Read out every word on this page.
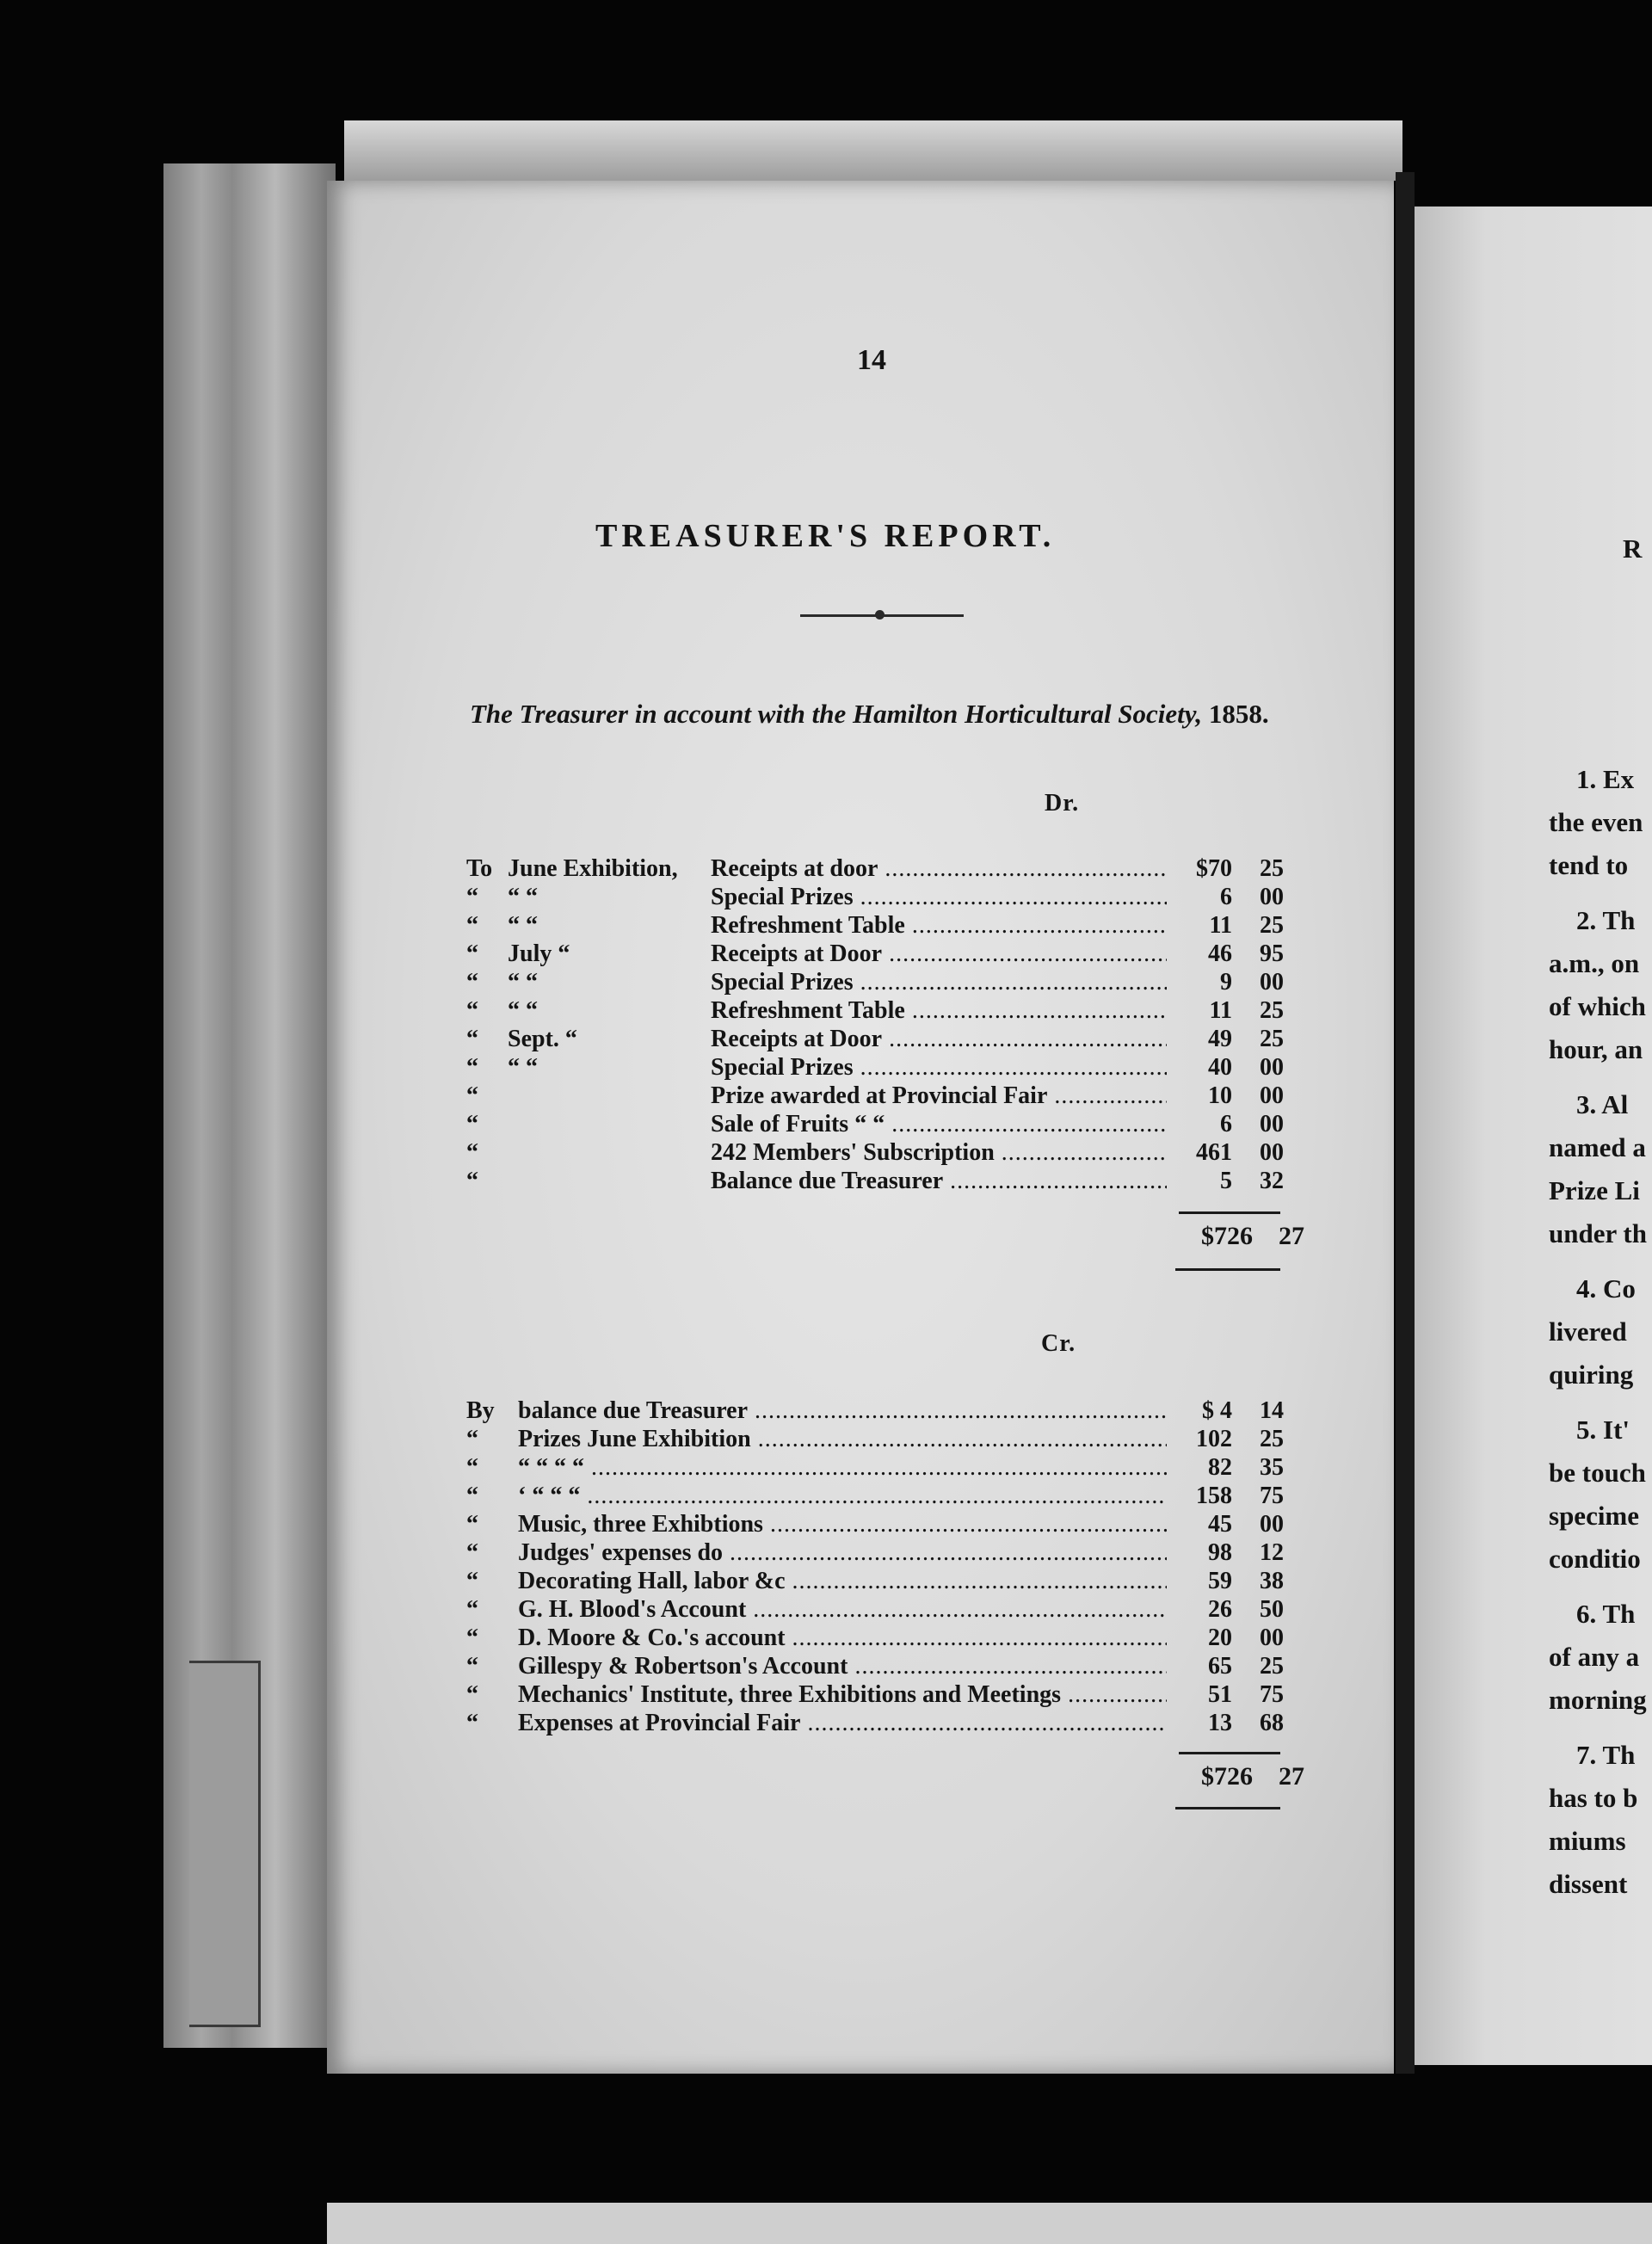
14
TREASURER'S REPORT.
The Treasurer in account with the Hamilton Horticultural Society, 1858.
Dr.
To June Exhibition,	Receipts at door .....	$70	25
“	“ “	Special Prizes .....	6	00
“	“ “	Refreshment Table .....	11	25
“	July “	Receipts at Door .....	46	95
“	“ “	Special Prizes .....	9	00
“	“ “	Refreshment Table .....	11	25
“	Sept. “	Receipts at Door .....	49	25
“	“ “	Special Prizes .....	40	00
“	Prize awarded at Provincial Fair .....	10	00
“	Sale of Fruits “ “ .....	6	00
“	242 Members' Subscription .....	461	00
“	Balance due Treasurer .....	5	32
$726	27
Cr.
By balance due Treasurer .....	$ 4	14
“	Prizes June Exhibition .....	102	25
“	“ “ “ “ .....	82	35
“	‘ “ “ “ .....	158	75
“	Music, three Exhibtions .....	45	00
“	Judges' expenses do .....	98	12
“	Decorating Hall, labor &c .....	59	38
“	G. H. Blood's Account .....	26	50
“	D. Moore & Co.'s account .....	20	00
“	Gillespy & Robertson's Account .....	65	25
“	Mechanics' Institute, three Exhibitions and Meetings .....	51	75
“	Expenses at Provincial Fair .....	13	68
$726	27
R
1. Ex
the even
tend to
2. Th
a.m., on
of which
hour, an
3. Al
named a
Prize Li
under th
4. Co
livered
quiring
5. It'
be touch
specime
conditio
6. Th
of any a
morning
7. Th
has to b
miums
dissent
